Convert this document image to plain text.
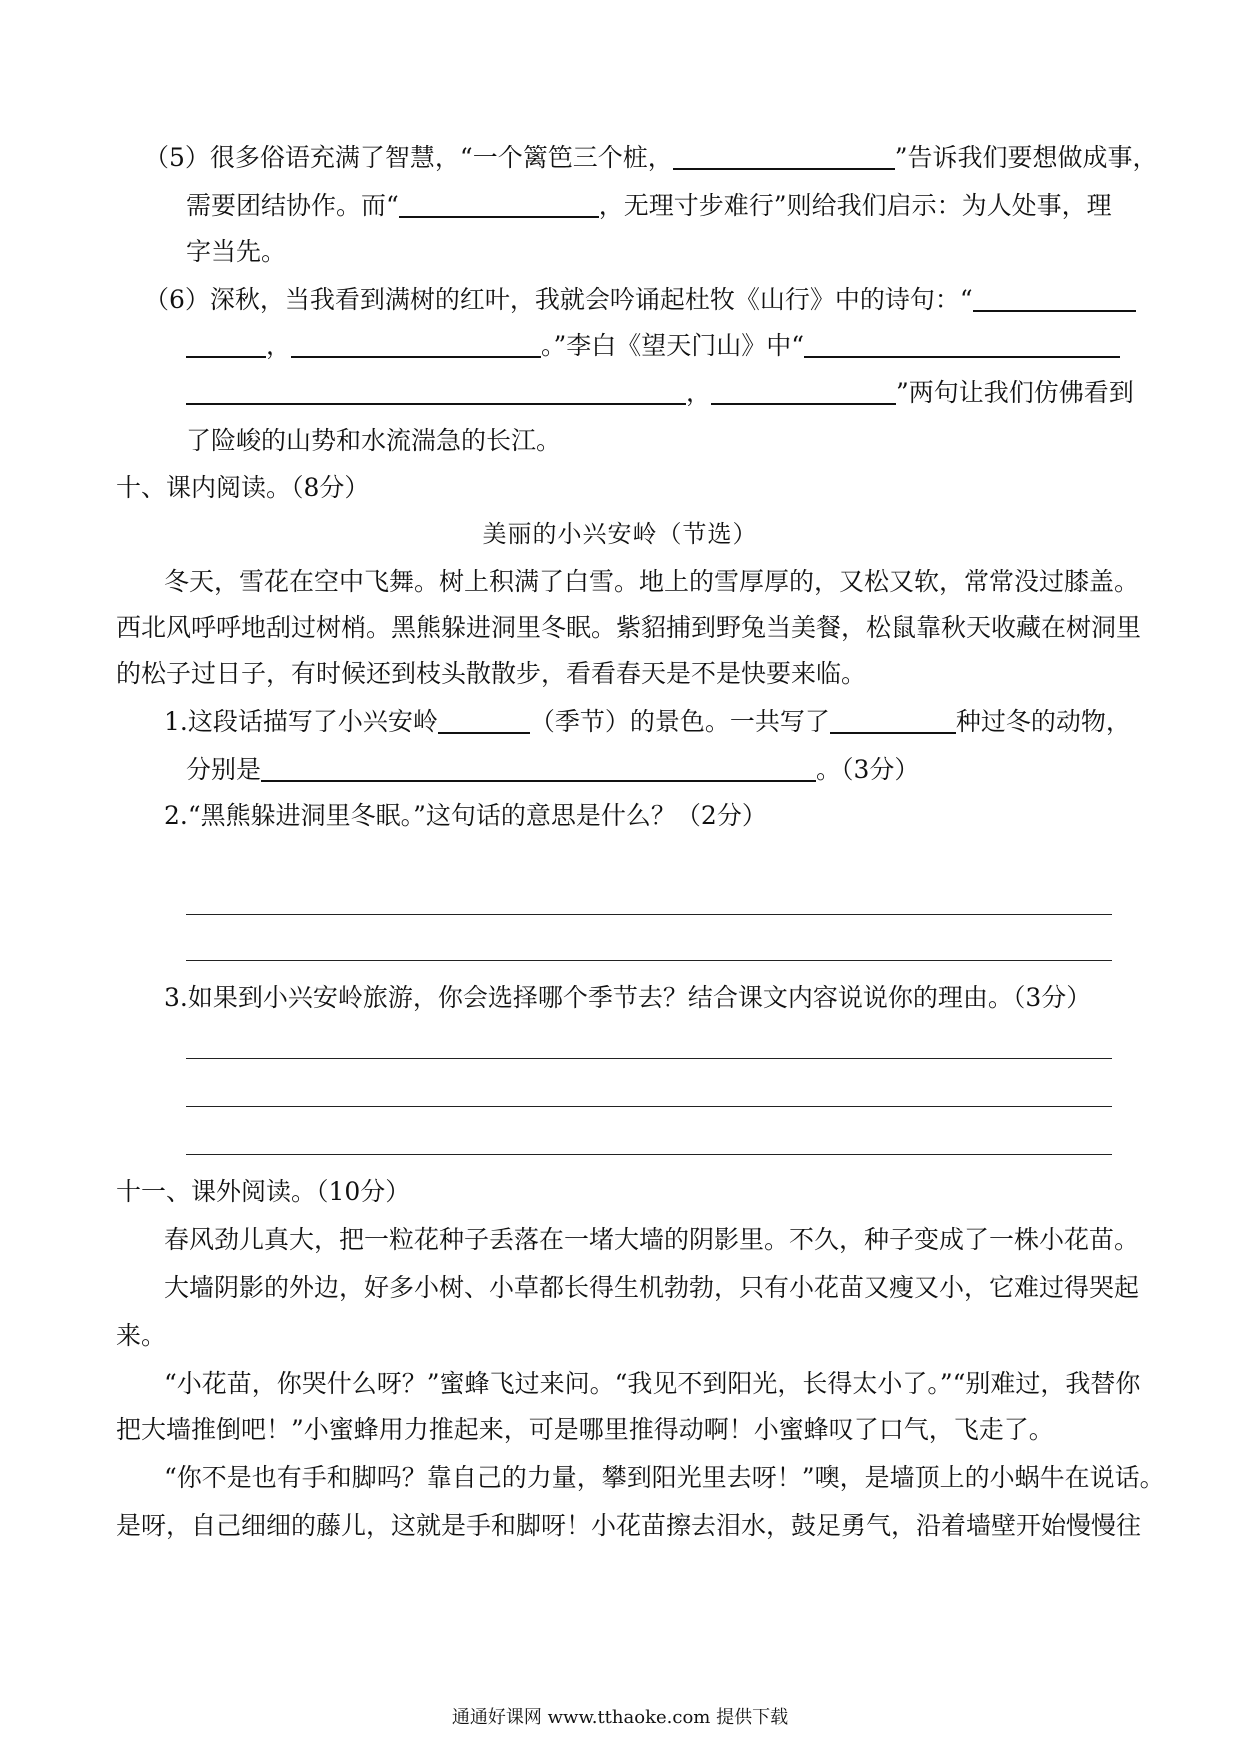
（5）很多俗语充满了智慧，“一个篱笆三个桩，	”告诉我们要想做成事，
需要团结协作。而“	，无理寸步难行”则给我们启示：为人处事，理
字当先。
（6）深秋，当我看到满树的红叶，我就会吟诵起杜牧《山行》中的诗句：“
，	。”李白《望天门山》中“
，	”两句让我们仿佛看到
了险峻的山势和水流湍急的长江。
十、课内阅读。（8分）
美丽的小兴安岭（节选）
冬天，雪花在空中飞舞。树上积满了白雪。地上的雪厚厚的，又松又软，常常没过膝盖。
西北风呼呼地刮过树梢。黑熊躲进洞里冬眠。紫貂捕到野兔当美餐，松鼠靠秋天收藏在树洞里
的松子过日子，有时候还到枝头散散步，看看春天是不是快要来临。
1.这段话描写了小兴安岭	（季节）的景色。一共写了	种过冬的动物，
分别是	。（3分）
2.“黑熊躲进洞里冬眠。”这句话的意思是什么？（2分）
3.如果到小兴安岭旅游，你会选择哪个季节去？结合课文内容说说你的理由。（3分）
十一、课外阅读。（10分）
春风劲儿真大，把一粒花种子丢落在一堵大墙的阴影里。不久，种子变成了一株小花苗。
大墙阴影的外边，好多小树、小草都长得生机勃勃，只有小花苗又瘦又小，它难过得哭起
来。
“小花苗，你哭什么呀？”蜜蜂飞过来问。“我见不到阳光，长得太小了。”“别难过，我替你
把大墙推倒吧！”小蜜蜂用力推起来，可是哪里推得动啊！小蜜蜂叹了口气，飞走了。
“你不是也有手和脚吗？靠自己的力量，攀到阳光里去呀！”噢，是墙顶上的小蜗牛在说话。
是呀，自己细细的藤儿，这就是手和脚呀！小花苗擦去泪水，鼓足勇气，沿着墙壁开始慢慢往
通通好课网 www.tthaoke.com 提供下载
